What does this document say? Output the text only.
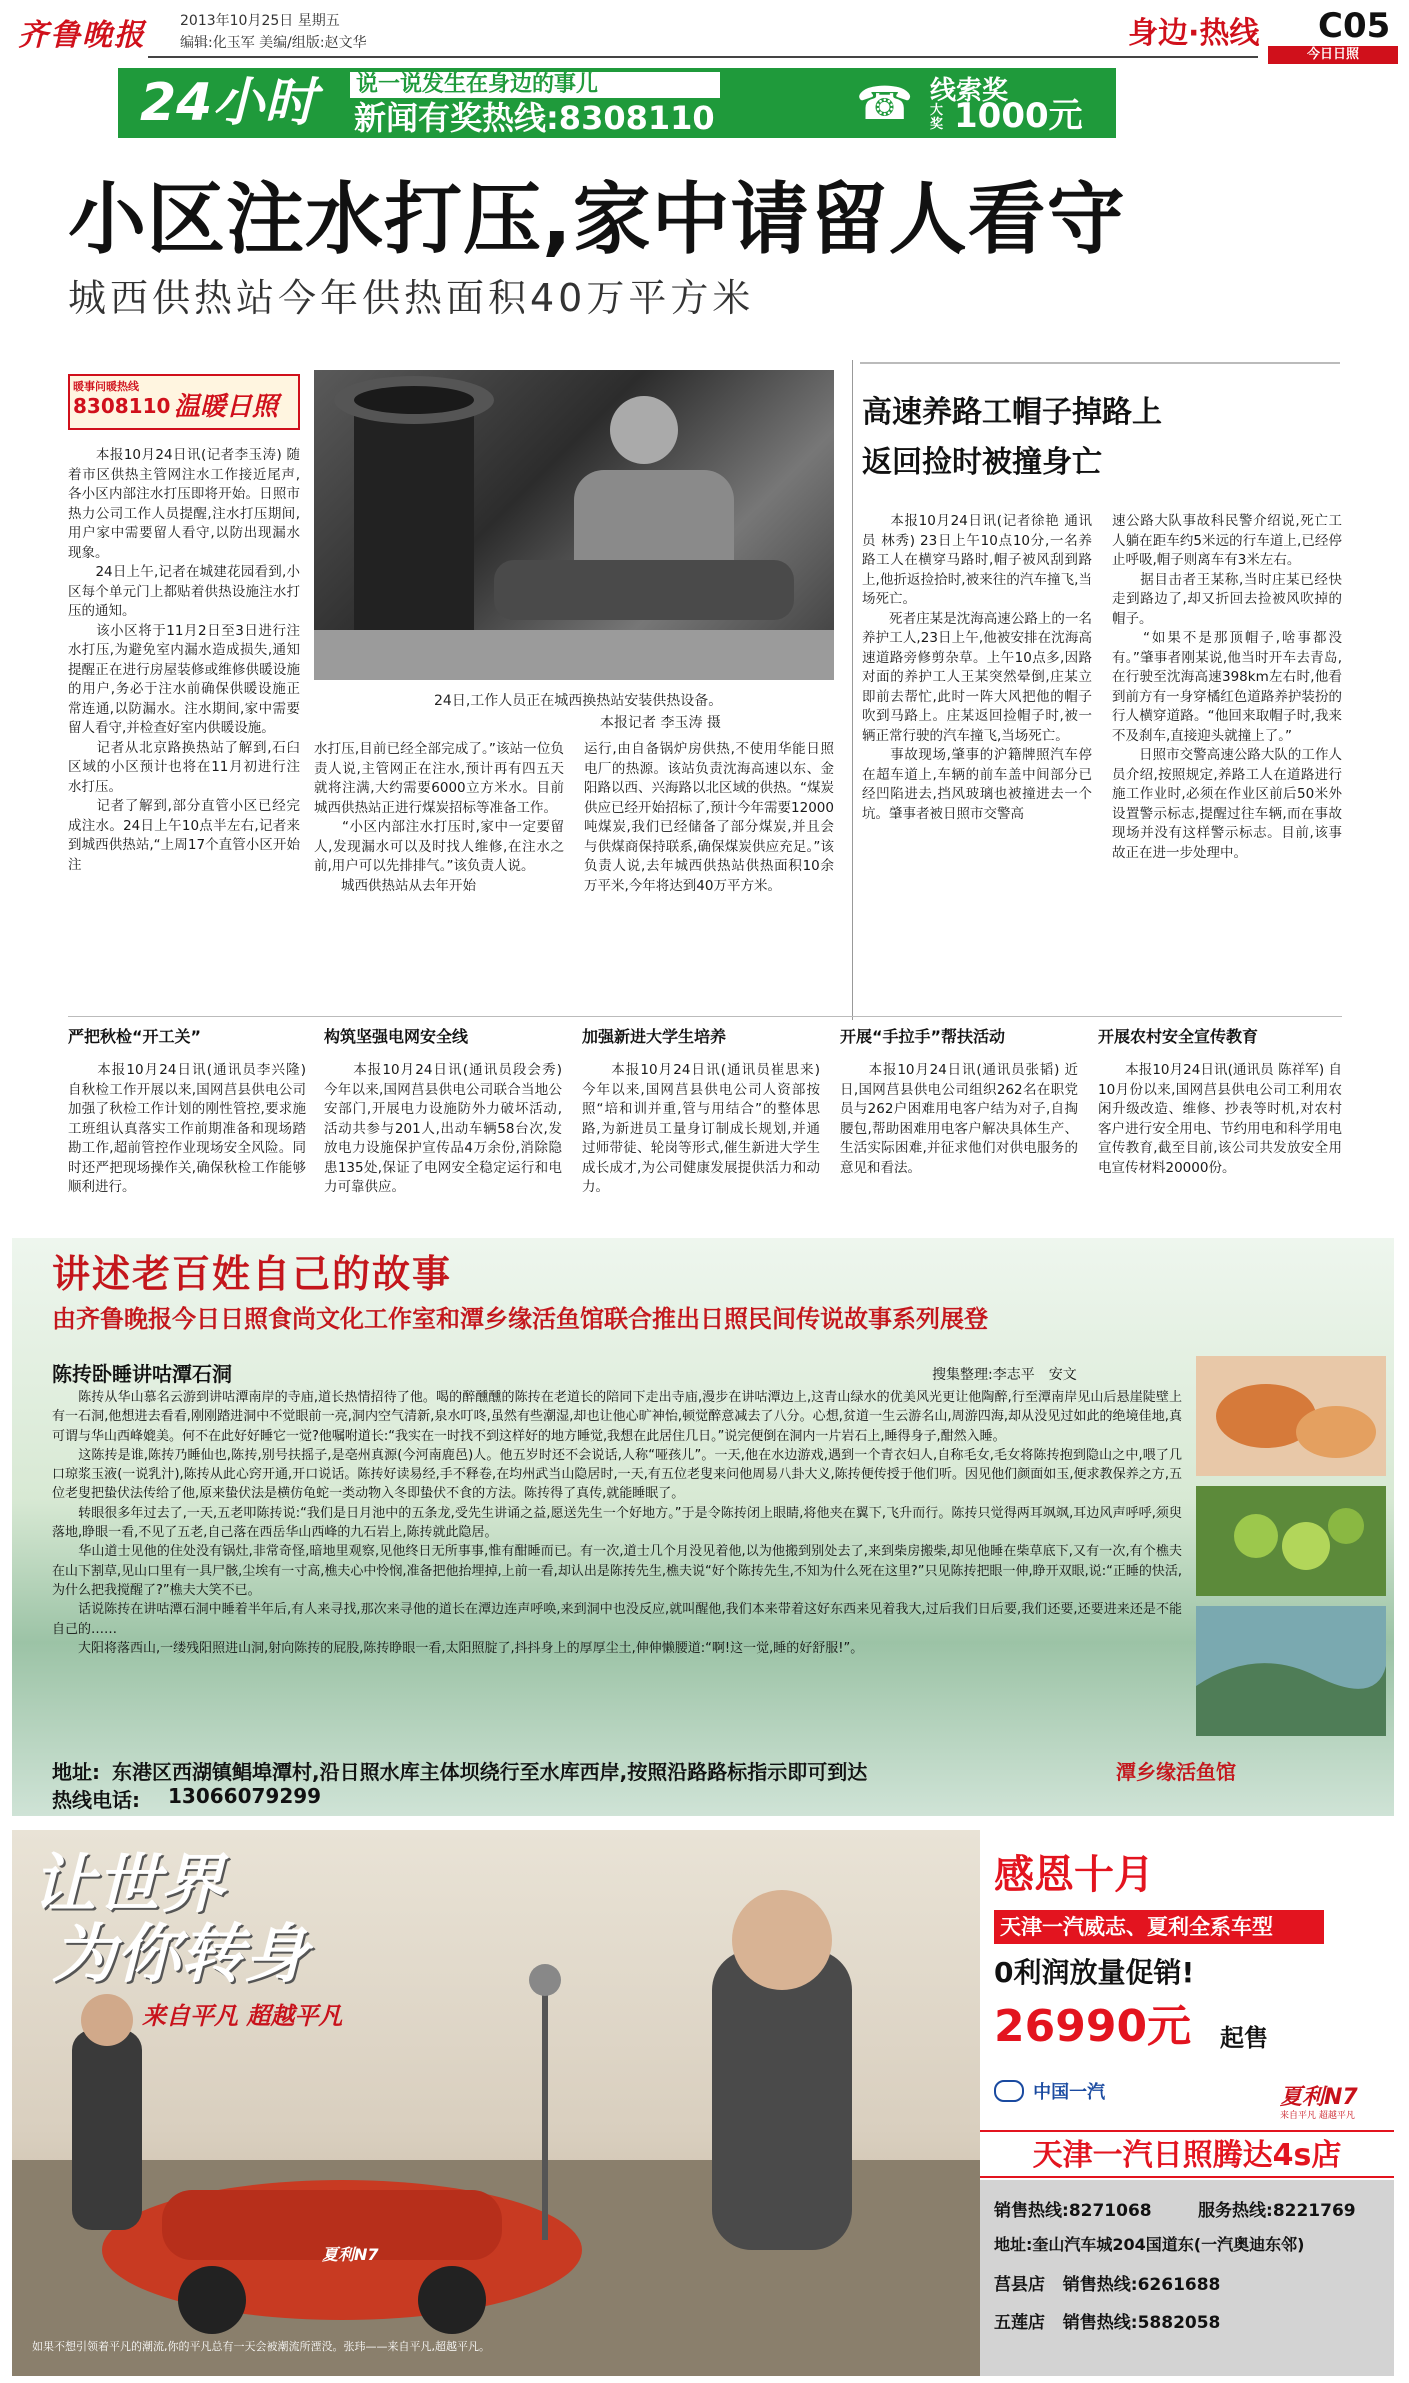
齐鲁晚报 2013年10月25日 星期五
编辑:化玉军 美编/组版:赵文华	身边·热线 C05
今日日照
24小时 说一说发生在身边的事儿
新闻有奖热线:8308110	☎ 线索奖
大奖 1000元
小区注水打压,家中请留人看守
城西供热站今年供热面积40万平方米
暖事问暖热线
8308110 温暖日照
24日,工作人员正在城西换热站安装供热设备。
本报记者 李玉涛 摄
　　本报10月24日讯(记者李玉涛) 随着市区供热主管网注水工作接近尾声,各小区内部注水打压即将开始。日照市热力公司工作人员提醒,注水打压期间,用户家中需要留人看守,以防出现漏水现象。
　　24日上午,记者在城建花园看到,小区每个单元门上都贴着供热设施注水打压的通知。
　　该小区将于11月2日至3日进行注水打压,为避免室内漏水造成损失,通知提醒正在进行房屋装修或维修供暖设施的用户,务必于注水前确保供暖设施正常连通,以防漏水。注水期间,家中需要留人看守,并检查好室内供暖设施。
　　记者从北京路换热站了解到,石臼区域的小区预计也将在11月初进行注水打压。
　　记者了解到,部分直管小区已经完成注水。24日上午10点半左右,记者来到城西供热站,“上周17个直管小区开始注
水打压,目前已经全部完成了。”该站一位负责人说,主管网正在注水,预计再有四五天就将注满,大约需要6000立方米水。目前城西供热站正进行煤炭招标等准备工作。
　　“小区内部注水打压时,家中一定要留人,发现漏水可以及时找人维修,在注水之前,用户可以先排排气。”该负责人说。
　　城西供热站从去年开始
运行,由自备锅炉房供热,不使用华能日照电厂的热源。该站负责沈海高速以东、金阳路以西、兴海路以北区域的供热。“煤炭供应已经开始招标了,预计今年需要12000吨煤炭,我们已经储备了部分煤炭,并且会与供煤商保持联系,确保煤炭供应充足。”该负责人说,去年城西供热站供热面积10余万平米,今年将达到40万平方米。
高速养路工帽子掉路上
返回捡时被撞身亡
　　本报10月24日讯(记者徐艳 通讯员 林秀) 23日上午10点10分,一名养路工人在横穿马路时,帽子被风刮到路上,他折返捡拾时,被来往的汽车撞飞,当场死亡。
　　死者庄某是沈海高速公路上的一名养护工人,23日上午,他被安排在沈海高速道路旁修剪杂草。上午10点多,因路对面的养护工人王某突然晕倒,庄某立即前去帮忙,此时一阵大风把他的帽子吹到马路上。庄某返回捡帽子时,被一辆正常行驶的汽车撞飞,当场死亡。
　　事故现场,肇事的沪籍牌照汽车停在超车道上,车辆的前车盖中间部分已经凹陷进去,挡风玻璃也被撞进去一个坑。肇事者被日照市交警高
速公路大队事故科民警介绍说,死亡工人躺在距车约5米远的行车道上,已经停止呼吸,帽子则离车有3米左右。
　　据目击者王某称,当时庄某已经快走到路边了,却又折回去捡被风吹掉的帽子。
　　“如果不是那顶帽子,啥事都没有。”肇事者刚某说,他当时开车去青岛,在行驶至沈海高速398km左右时,他看到前方有一身穿橘红色道路养护装扮的行人横穿道路。“他回来取帽子时,我来不及刹车,直接迎头就撞上了。”
　　日照市交警高速公路大队的工作人员介绍,按照规定,养路工人在道路进行施工作业时,必须在作业区前后50米外设置警示标志,提醒过往车辆,而在事故现场并没有这样警示标志。目前,该事故正在进一步处理中。
严把秋检“开工关”
　　本报10月24日讯(通讯员李兴隆) 自秋检工作开展以来,国网莒县供电公司加强了秋检工作计划的刚性管控,要求施工班组认真落实工作前期准备和现场踏勘工作,超前管控作业现场安全风险。同时还严把现场操作关,确保秋检工作能够顺利进行。
构筑坚强电网安全线
　　本报10月24日讯(通讯员段会秀) 今年以来,国网莒县供电公司联合当地公安部门,开展电力设施防外力破坏活动,活动共参与201人,出动车辆58台次,发放电力设施保护宣传品4万余份,消除隐患135处,保证了电网安全稳定运行和电力可靠供应。
加强新进大学生培养
　　本报10月24日讯(通讯员崔思来) 今年以来,国网莒县供电公司人资部按照“培和训并重,管与用结合”的整体思路,为新进员工量身订制成长规划,并通过师带徒、轮岗等形式,催生新进大学生成长成才,为公司健康发展提供活力和动力。
开展“手拉手”帮扶活动
　　本报10月24日讯(通讯员张韬) 近日,国网莒县供电公司组织262名在职党员与262户困难用电客户结为对子,自掏腰包,帮助困难用电客户解决具体生产、生活实际困难,并征求他们对供电服务的意见和看法。
开展农村安全宣传教育
　　本报10月24日讯(通讯员 陈祥军) 自10月份以来,国网莒县供电公司工利用农闲升级改造、维修、抄表等时机,对农村客户进行安全用电、节约用电和科学用电宣传教育,截至目前,该公司共发放安全用电宣传材料20000份。
讲述老百姓自己的故事
由齐鲁晚报今日日照食尚文化工作室和潭乡缘活鱼馆联合推出日照民间传说故事系列展登
陈抟卧睡讲咕潭石洞	搜集整理:李志平　安文
　　陈抟从华山慕名云游到讲咕潭南岸的寺庙,道长热情招待了他。喝的醉醺醺的陈抟在老道长的陪同下走出寺庙,漫步在讲咕潭边上,这青山绿水的优美风光更让他陶醉,行至潭南岸见山后悬崖陡壁上有一石洞,他想进去看看,刚刚踏进洞中不觉眼前一亮,洞内空气清新,泉水叮咚,虽然有些潮湿,却也让他心旷神怡,顿觉醉意减去了八分。心想,贫道一生云游名山,周游四海,却从没见过如此的绝境佳地,真可谓与华山西峰媲美。何不在此好好睡它一觉?他嘱咐道长:“我实在一时找不到这样好的地方睡觉,我想在此居住几日。”说完便倒在洞内一片岩石上,睡得身子,酣然入睡。
　　这陈抟是谁,陈抟乃睡仙也,陈抟,别号扶摇子,是亳州真源(今河南鹿邑)人。他五岁时还不会说话,人称“哑孩儿”。一天,他在水边游戏,遇到一个青衣妇人,自称毛女,毛女将陈抟抱到隐山之中,喂了几口琼浆玉液(一说乳汁),陈抟从此心窍开通,开口说话。陈抟好读易经,手不释卷,在均州武当山隐居时,一天,有五位老叟来问他周易八卦大义,陈抟便传授于他们听。因见他们颜面如玉,便求教保养之方,五位老叟把蛰伏法传给了他,原来蛰伏法是横仿龟蛇一类动物入冬即蛰伏不食的方法。陈抟得了真传,就能睡眠了。
　　转眼很多年过去了,一天,五老叩陈抟说:“我们是日月池中的五条龙,受先生讲诵之益,愿送先生一个好地方。”于是令陈抟闭上眼睛,将他夹在翼下,飞升而行。陈抟只觉得两耳飒飒,耳边风声呼呼,须臾落地,睁眼一看,不见了五老,自己落在西岳华山西峰的九石岩上,陈抟就此隐居。
　　华山道士见他的住处没有锅灶,非常奇怪,暗地里观察,见他终日无所事事,惟有酣睡而已。有一次,道士几个月没见着他,以为他搬到别处去了,来到柴房搬柴,却见他睡在柴草底下,又有一次,有个樵夫在山下割草,见山口里有一具尸骸,尘埃有一寸高,樵夫心中怜悯,准备把他抬埋掉,上前一看,却认出是陈抟先生,樵夫说“好个陈抟先生,不知为什么死在这里?”只见陈抟把眼一伸,睁开双眼,说:“正睡的快活,为什么把我搅醒了?”樵夫大笑不已。
　　话说陈抟在讲咕潭石洞中睡着半年后,有人来寻找,那次来寻他的道长在潭边连声呼唤,来到洞中也没反应,就叫醒他,我们本来带着这好东西来见着我大,过后我们日后要,我们还要,还要进来还是不能自己的……
　　大阳将落西山,一缕残阳照进山洞,射向陈抟的屁股,陈抟睁眼一看,太阳照腚了,抖抖身上的厚厚尘土,伸伸懒腰道:“啊!这一觉,睡的好舒服!”。
地址: 东港区西湖镇鲳埠潭村,沿日照水库主体坝绕行至水库西岸,按照沿路路标指示即可到达	潭乡缘活鱼馆
热线电话: 13066079299
让世界
为你转身
来自平凡 超越平凡
夏利N7
如果不想引领着平凡的潮流,你的平凡总有一天会被潮流所湮没。张玮——来自平凡,超越平凡。
感恩十月
天津一汽威志、夏利全系车型
0利润放量促销!
26990元 起售
中国一汽	夏利N7
来自平凡 超越平凡
天津一汽日照腾达4s店
销售热线:8271068	服务热线:8221769
地址:奎山汽车城204国道东(一汽奥迪东邻)
莒县店 销售热线:6261688
五莲店 销售热线:5882058
